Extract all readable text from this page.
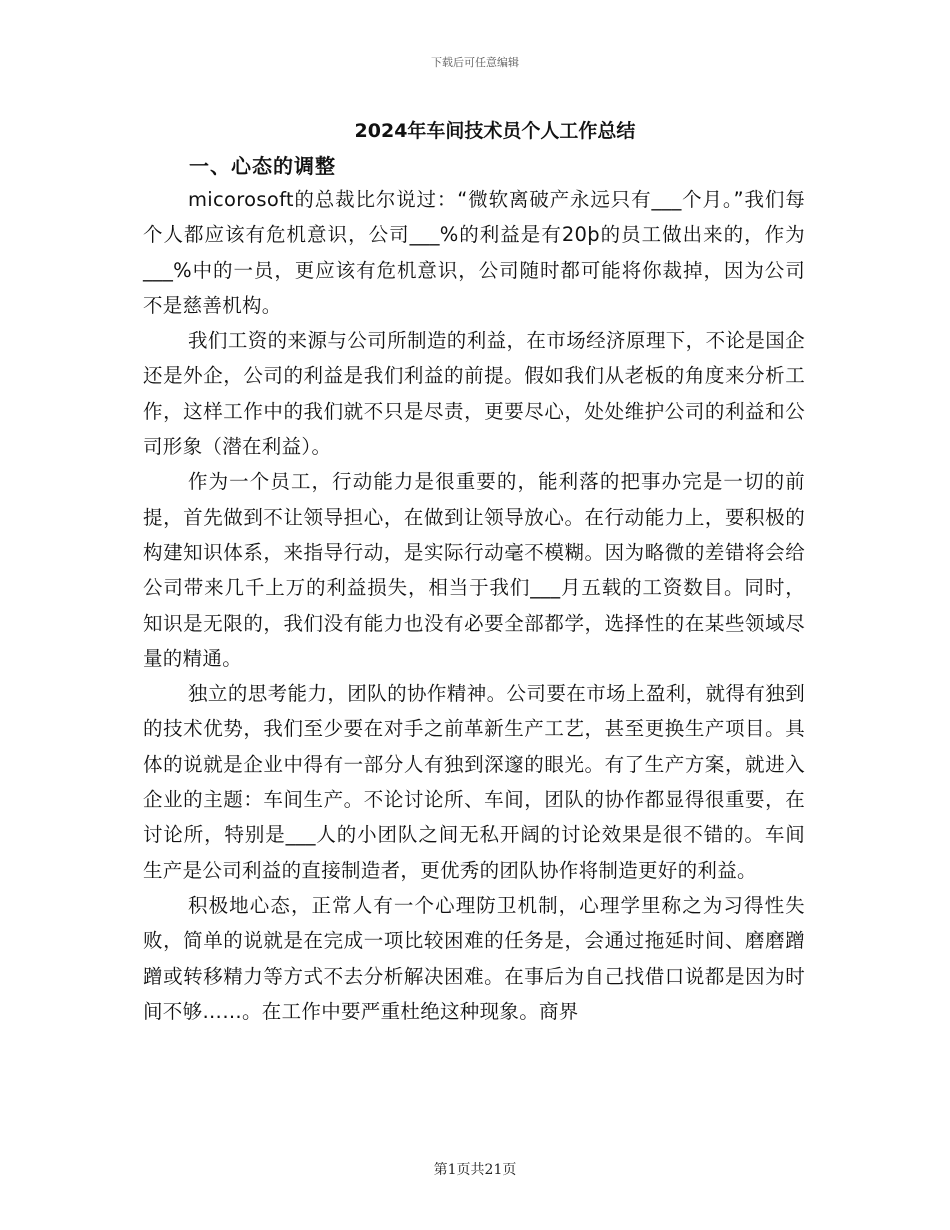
下载后可任意编辑
2024年车间技术员个人工作总结
一、心态的调整

micorosoft的总裁比尔说过：“微软离破产永远只有___个月。”我们每个人都应该有危机意识，公司___%的利益是有20þ的员工做出来的，作为___%中的一员，更应该有危机意识，公司随时都可能将你裁掉，因为公司不是慈善机构。

我们工资的来源与公司所制造的利益，在市场经济原理下，不论是国企还是外企，公司的利益是我们利益的前提。假如我们从老板的角度来分析工作，这样工作中的我们就不只是尽责，更要尽心，处处维护公司的利益和公司形象（潜在利益）。

作为一个员工，行动能力是很重要的，能利落的把事办完是一切的前提，首先做到不让领导担心，在做到让领导放心。在行动能力上，要积极的构建知识体系，来指导行动，是实际行动毫不模糊。因为略微的差错将会给公司带来几千上万的利益损失，相当于我们___月五载的工资数目。同时，知识是无限的，我们没有能力也没有必要全部都学，选择性的在某些领域尽量的精通。

独立的思考能力，团队的协作精神。公司要在市场上盈利，就得有独到的技术优势，我们至少要在对手之前革新生产工艺，甚至更换生产项目。具体的说就是企业中得有一部分人有独到深邃的眼光。有了生产方案，就进入企业的主题：车间生产。不论讨论所、车间，团队的协作都显得很重要，在讨论所，特别是___人的小团队之间无私开阔的讨论效果是很不错的。车间生产是公司利益的直接制造者，更优秀的团队协作将制造更好的利益。

积极地心态，正常人有一个心理防卫机制，心理学里称之为习得性失败，简单的说就是在完成一项比较困难的任务是，会通过拖延时间、磨磨蹭蹭或转移精力等方式不去分析解决困难。在事后为自己找借口说都是因为时间不够……。在工作中要严重杜绝这种现象。商界

第1页共21页
